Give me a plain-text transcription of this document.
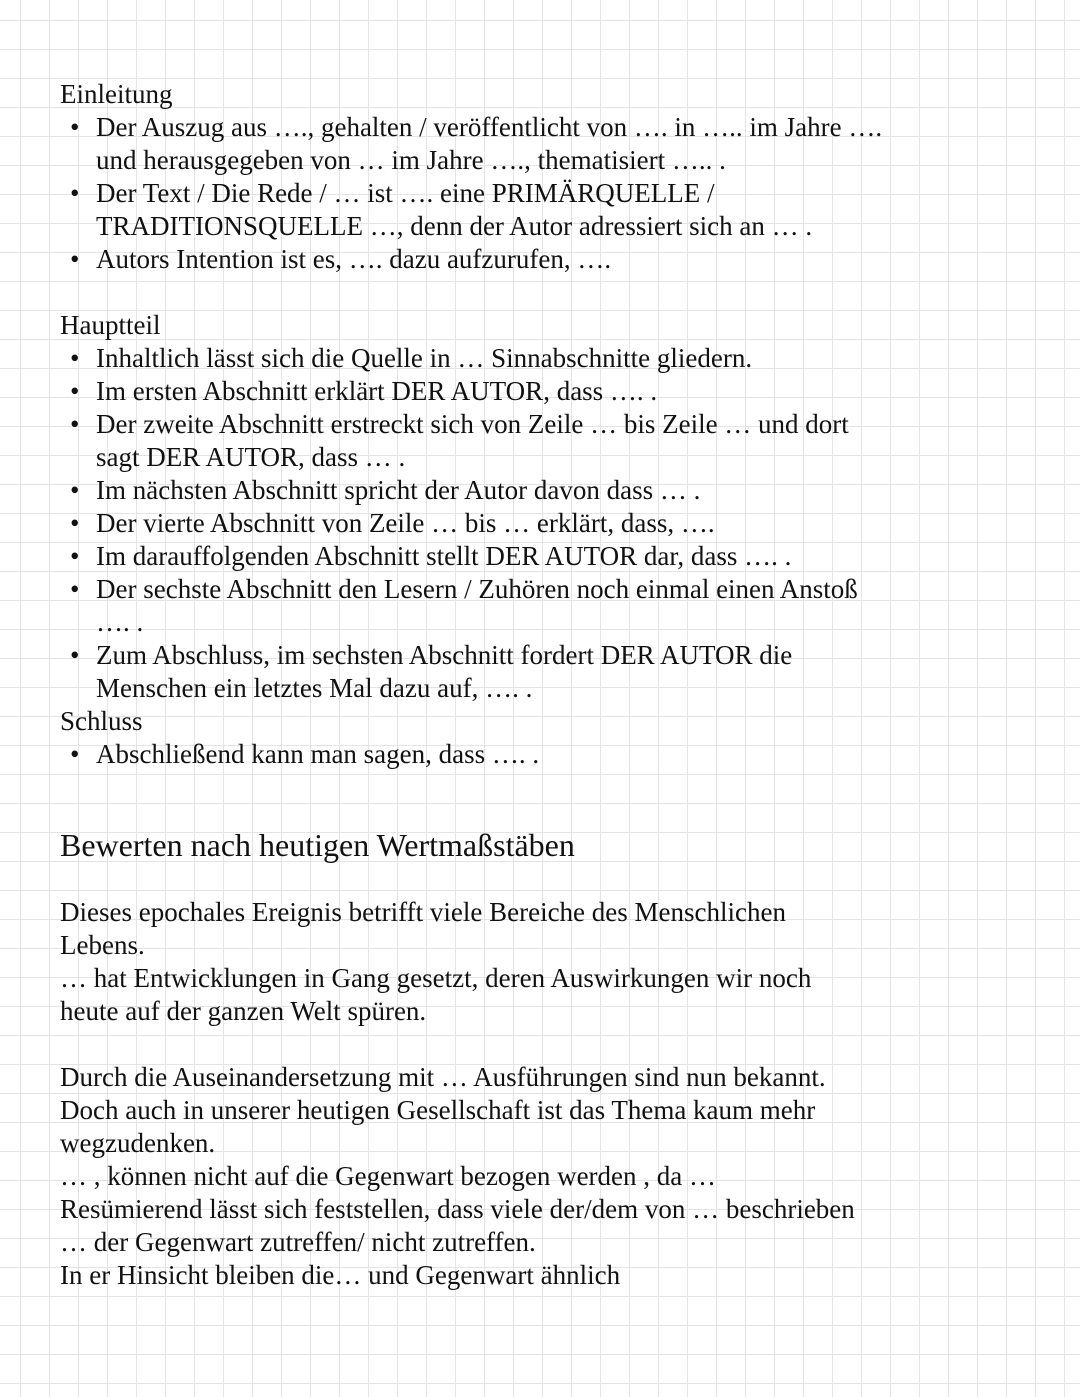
Einleitung
• Der Auszug aus …., gehalten / veröffentlicht von …. in ….. im Jahre ….
und herausgegeben von … im Jahre …., thematisiert ….. .
• Der Text / Die Rede / … ist …. eine PRIMÄRQUELLE /
TRADITIONSQUELLE …, denn der Autor adressiert sich an … .
• Autors Intention ist es, …. dazu aufzurufen, ….
Hauptteil
• Inhaltlich lässt sich die Quelle in … Sinnabschnitte gliedern.
• Im ersten Abschnitt erklärt DER AUTOR, dass …. .
• Der zweite Abschnitt erstreckt sich von Zeile … bis Zeile … und dort
sagt DER AUTOR, dass … .
• Im nächsten Abschnitt spricht der Autor davon dass … .
• Der vierte Abschnitt von Zeile … bis … erklärt, dass, ….
• Im darauffolgenden Abschnitt stellt DER AUTOR dar, dass …. .
• Der sechste Abschnitt den Lesern / Zuhören noch einmal einen Anstoß
…. .
• Zum Abschluss, im sechsten Abschnitt fordert DER AUTOR die
Menschen ein letztes Mal dazu auf, …. .
Schluss
• Abschließend kann man sagen, dass …. .
Bewerten nach heutigen Wertmaßstäben
Dieses epochales Ereignis betrifft viele Bereiche des Menschlichen
Lebens.
… hat Entwicklungen in Gang gesetzt, deren Auswirkungen wir noch
heute auf der ganzen Welt spüren.
Durch die Auseinandersetzung mit … Ausführungen sind nun bekannt.
Doch auch in unserer heutigen Gesellschaft ist das Thema kaum mehr
wegzudenken.
… , können nicht auf die Gegenwart bezogen werden , da …
Resümierend lässt sich feststellen, dass viele der/dem von … beschrieben
… der Gegenwart zutreffen/ nicht zutreffen.
In er Hinsicht bleiben die… und Gegenwart ähnlich
